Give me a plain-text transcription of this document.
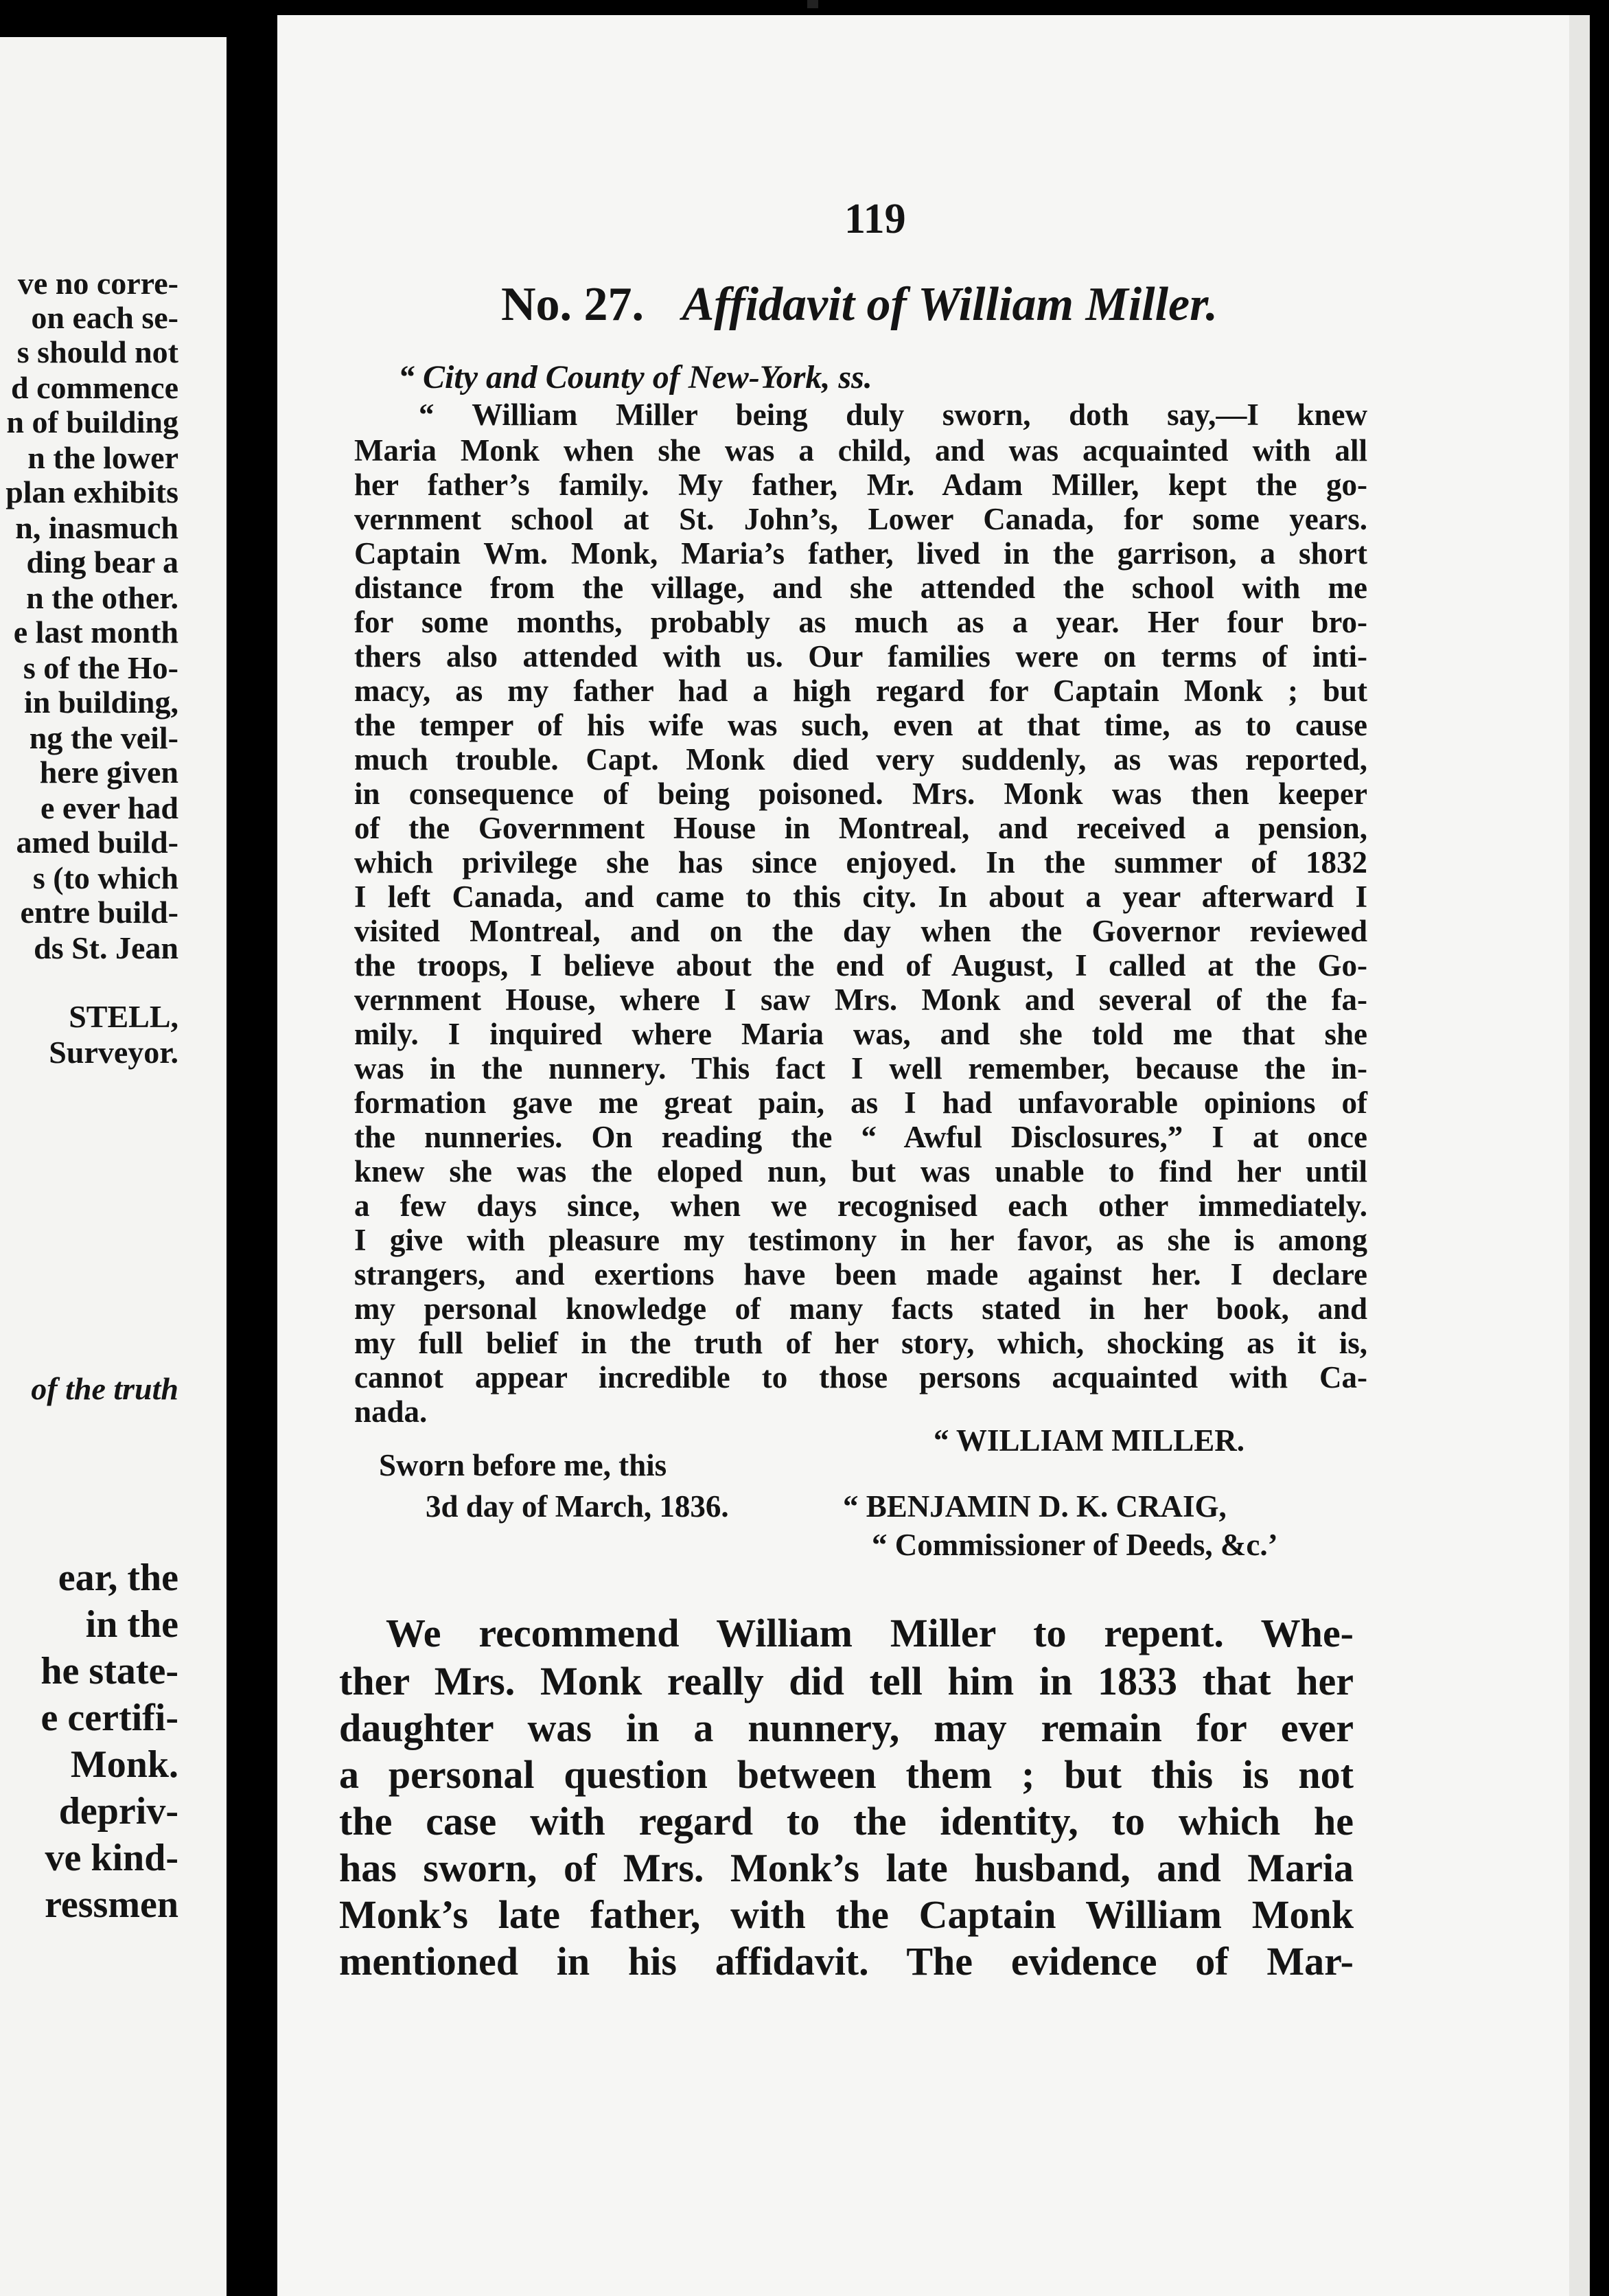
ve no corre-
on each se-
s should not
d commence
n of building
n the lower
plan exhibits
n, inasmuch
ding bear a
n the other.
e last month
s of the Ho-
in building,
ng the veil-
here given
e ever had
amed build-
s (to which
entre build-
ds St. Jean
STELL,
Surveyor.
of the truth
ear, the
in the
he state-
e certifi-
Monk.
depriv-
ve kind-
ressmen
119
No. 27. Affidavit of William Miller.
“ City and County of New-York, ss.
“ William Miller being duly sworn, doth say,—I knew
Maria Monk when she was a child, and was acquainted with all
her father’s family. My father, Mr. Adam Miller, kept the go-
vernment school at St. John’s, Lower Canada, for some years.
Captain Wm. Monk, Maria’s father, lived in the garrison, a short
distance from the village, and she attended the school with me
for some months, probably as much as a year. Her four bro-
thers also attended with us. Our families were on terms of inti-
macy, as my father had a high regard for Captain Monk ; but
the temper of his wife was such, even at that time, as to cause
much trouble. Capt. Monk died very suddenly, as was reported,
in consequence of being poisoned. Mrs. Monk was then keeper
of the Government House in Montreal, and received a pension,
which privilege she has since enjoyed. In the summer of 1832
I left Canada, and came to this city. In about a year afterward I
visited Montreal, and on the day when the Governor reviewed
the troops, I believe about the end of August, I called at the Go-
vernment House, where I saw Mrs. Monk and several of the fa-
mily. I inquired where Maria was, and she told me that she
was in the nunnery. This fact I well remember, because the in-
formation gave me great pain, as I had unfavorable opinions of
the nunneries. On reading the “ Awful Disclosures,” I at once
knew she was the eloped nun, but was unable to find her until
a few days since, when we recognised each other immediately.
I give with pleasure my testimony in her favor, as she is among
strangers, and exertions have been made against her. I declare
my personal knowledge of many facts stated in her book, and
my full belief in the truth of her story, which, shocking as it is,
cannot appear incredible to those persons acquainted with Ca-
nada.
“ WILLIAM MILLER.
Sworn before me, this
3d day of March, 1836.	“ BENJAMIN D. K. CRAIG,
“ Commissioner of Deeds, &c.’
We recommend William Miller to repent. Whe-
ther Mrs. Monk really did tell him in 1833 that her
daughter was in a nunnery, may remain for ever
a personal question between them ; but this is not
the case with regard to the identity, to which he
has sworn, of Mrs. Monk’s late husband, and Maria
Monk’s late father, with the Captain William Monk
mentioned in his affidavit. The evidence of Mar-
